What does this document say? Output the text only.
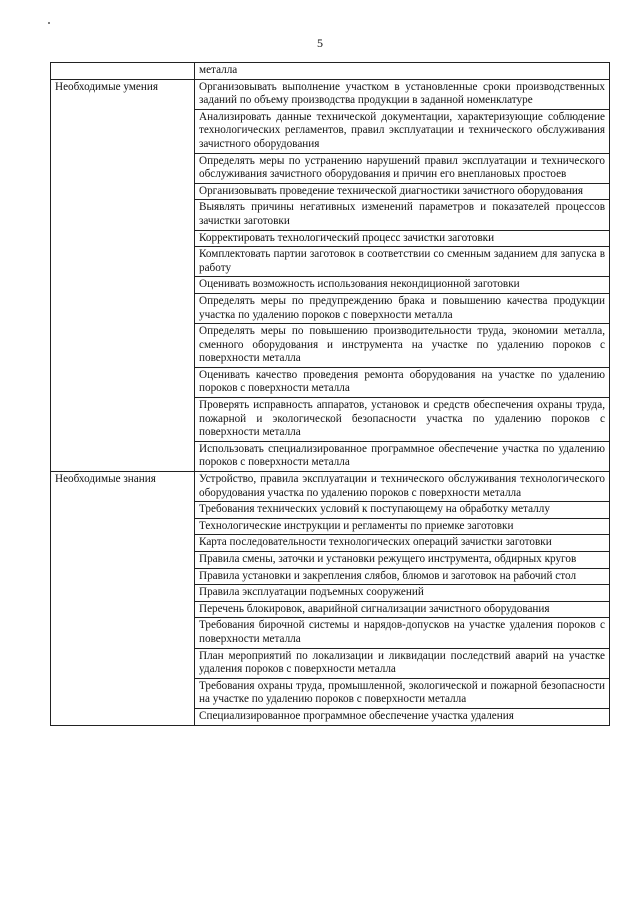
5
	металла
Необходимые умения	Организовывать выполнение участком в установленные сроки производственных заданий по объему производства продукции в заданной номенклатуре
	Анализировать данные технической документации, характеризующие соблюдение технологических регламентов, правил эксплуатации и технического обслуживания зачистного оборудования
	Определять меры по устранению нарушений правил эксплуатации и технического обслуживания зачистного оборудования и причин его внеплановых простоев
	Организовывать проведение технической диагностики зачистного оборудования
	Выявлять причины негативных изменений параметров и показателей процессов зачистки заготовки
	Корректировать технологический процесс зачистки заготовки
	Комплектовать партии заготовок в соответствии со сменным заданием для запуска в работу
	Оценивать возможность использования некондиционной заготовки
	Определять меры по предупреждению брака и повышению качества продукции участка по удалению пороков с поверхности металла
	Определять меры по повышению производительности труда, экономии металла, сменного оборудования и инструмента на участке по удалению пороков с поверхности металла
	Оценивать качество проведения ремонта оборудования на участке по удалению пороков с поверхности металла
	Проверять исправность аппаратов, установок и средств обеспечения охраны труда, пожарной и экологической безопасности участка по удалению пороков с поверхности металла
	Использовать специализированное программное обеспечение участка по удалению пороков с поверхности металла
Необходимые знания	Устройство, правила эксплуатации и технического обслуживания технологического оборудования участка по удалению пороков с поверхности металла
	Требования технических условий к поступающему на обработку металлу
	Технологические инструкции и регламенты по приемке заготовки
	Карта последовательности технологических операций зачистки заготовки
	Правила смены, заточки и установки режущего инструмента, обдирных кругов
	Правила установки и закрепления слябов, блюмов и заготовок на рабочий стол
	Правила эксплуатации подъемных сооружений
	Перечень блокировок, аварийной сигнализации зачистного оборудования
	Требования бирочной системы и нарядов-допусков на участке удаления пороков с поверхности металла
	План мероприятий по локализации и ликвидации последствий аварий на участке удаления пороков с поверхности металла
	Требования охраны труда, промышленной, экологической и пожарной безопасности на участке по удалению пороков с поверхности металла
	Специализированное программное обеспечение участка удаления
